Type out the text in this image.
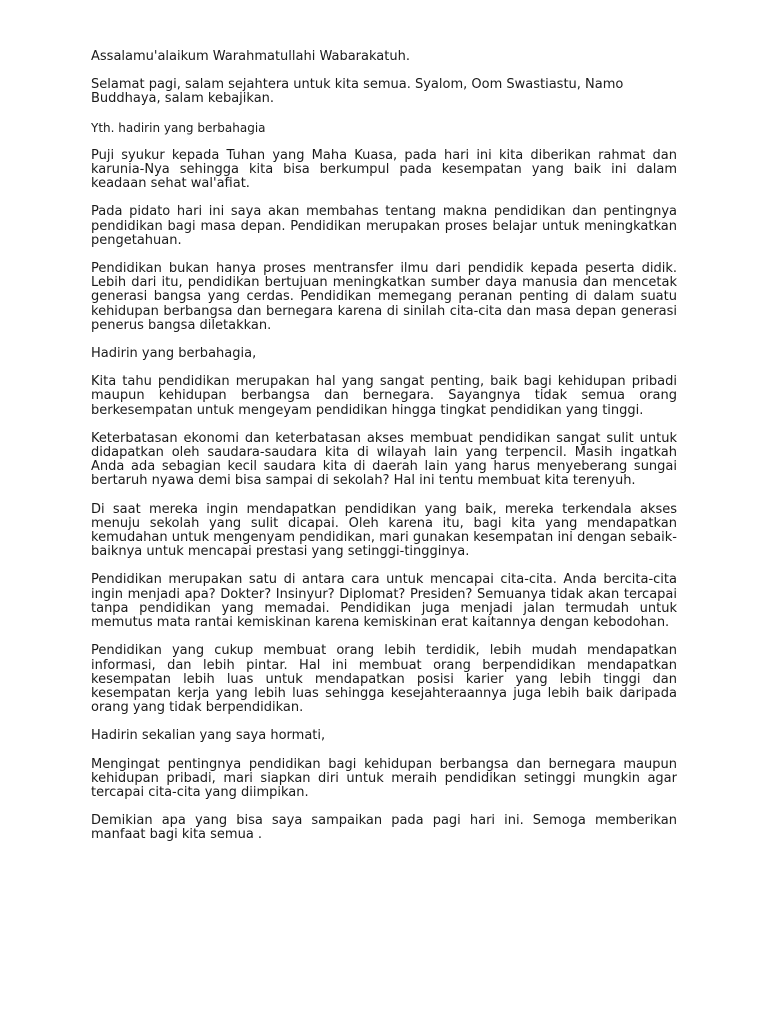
Assalamu'alaikum Warahmatullahi Wabarakatuh.

Selamat pagi, salam sejahtera untuk kita semua. Syalom, Oom Swastiastu, Namo Buddhaya, salam kebajikan.

Yth. hadirin yang berbahagia

Puji syukur kepada Tuhan yang Maha Kuasa, pada hari ini kita diberikan rahmat dan karunia-Nya sehingga kita bisa berkumpul pada kesempatan yang baik ini dalam keadaan sehat wal'afiat.

Pada pidato hari ini saya akan membahas tentang makna pendidikan dan pentingnya pendidikan bagi masa depan. Pendidikan merupakan proses belajar untuk meningkatkan pengetahuan.

Pendidikan bukan hanya proses mentransfer ilmu dari pendidik kepada peserta didik. Lebih dari itu, pendidikan bertujuan meningkatkan sumber daya manusia dan mencetak generasi bangsa yang cerdas. Pendidikan memegang peranan penting di dalam suatu kehidupan berbangsa dan bernegara karena di sinilah cita-cita dan masa depan generasi penerus bangsa diletakkan.

Hadirin yang berbahagia,

Kita tahu pendidikan merupakan hal yang sangat penting, baik bagi kehidupan pribadi maupun kehidupan berbangsa dan bernegara. Sayangnya tidak semua orang berkesempatan untuk mengeyam pendidikan hingga tingkat pendidikan yang tinggi.

Keterbatasan ekonomi dan keterbatasan akses membuat pendidikan sangat sulit untuk didapatkan oleh saudara-saudara kita di wilayah lain yang terpencil. Masih ingatkah Anda ada sebagian kecil saudara kita di daerah lain yang harus menyeberang sungai bertaruh nyawa demi bisa sampai di sekolah? Hal ini tentu membuat kita terenyuh.

Di saat mereka ingin mendapatkan pendidikan yang baik, mereka terkendala akses menuju sekolah yang sulit dicapai. Oleh karena itu, bagi kita yang mendapatkan kemudahan untuk mengenyam pendidikan, mari gunakan kesempatan ini dengan sebaik-baiknya untuk mencapai prestasi yang setinggi-tingginya.

Pendidikan merupakan satu di antara cara untuk mencapai cita-cita. Anda bercita-cita ingin menjadi apa? Dokter? Insinyur? Diplomat? Presiden? Semuanya tidak akan tercapai tanpa pendidikan yang memadai. Pendidikan juga menjadi jalan termudah untuk memutus mata rantai kemiskinan karena kemiskinan erat kaitannya dengan kebodohan.

Pendidikan yang cukup membuat orang lebih terdidik, lebih mudah mendapatkan informasi, dan lebih pintar. Hal ini membuat orang berpendidikan mendapatkan kesempatan lebih luas untuk mendapatkan posisi karier yang lebih tinggi dan kesempatan kerja yang lebih luas sehingga kesejahteraannya juga lebih baik daripada orang yang tidak berpendidikan.

Hadirin sekalian yang saya hormati,

Mengingat pentingnya pendidikan bagi kehidupan berbangsa dan bernegara maupun kehidupan pribadi, mari siapkan diri untuk meraih pendidikan setinggi mungkin agar tercapai cita-cita yang diimpikan.

Demikian apa yang bisa saya sampaikan pada pagi hari ini. Semoga memberikan manfaat bagi kita semua .
